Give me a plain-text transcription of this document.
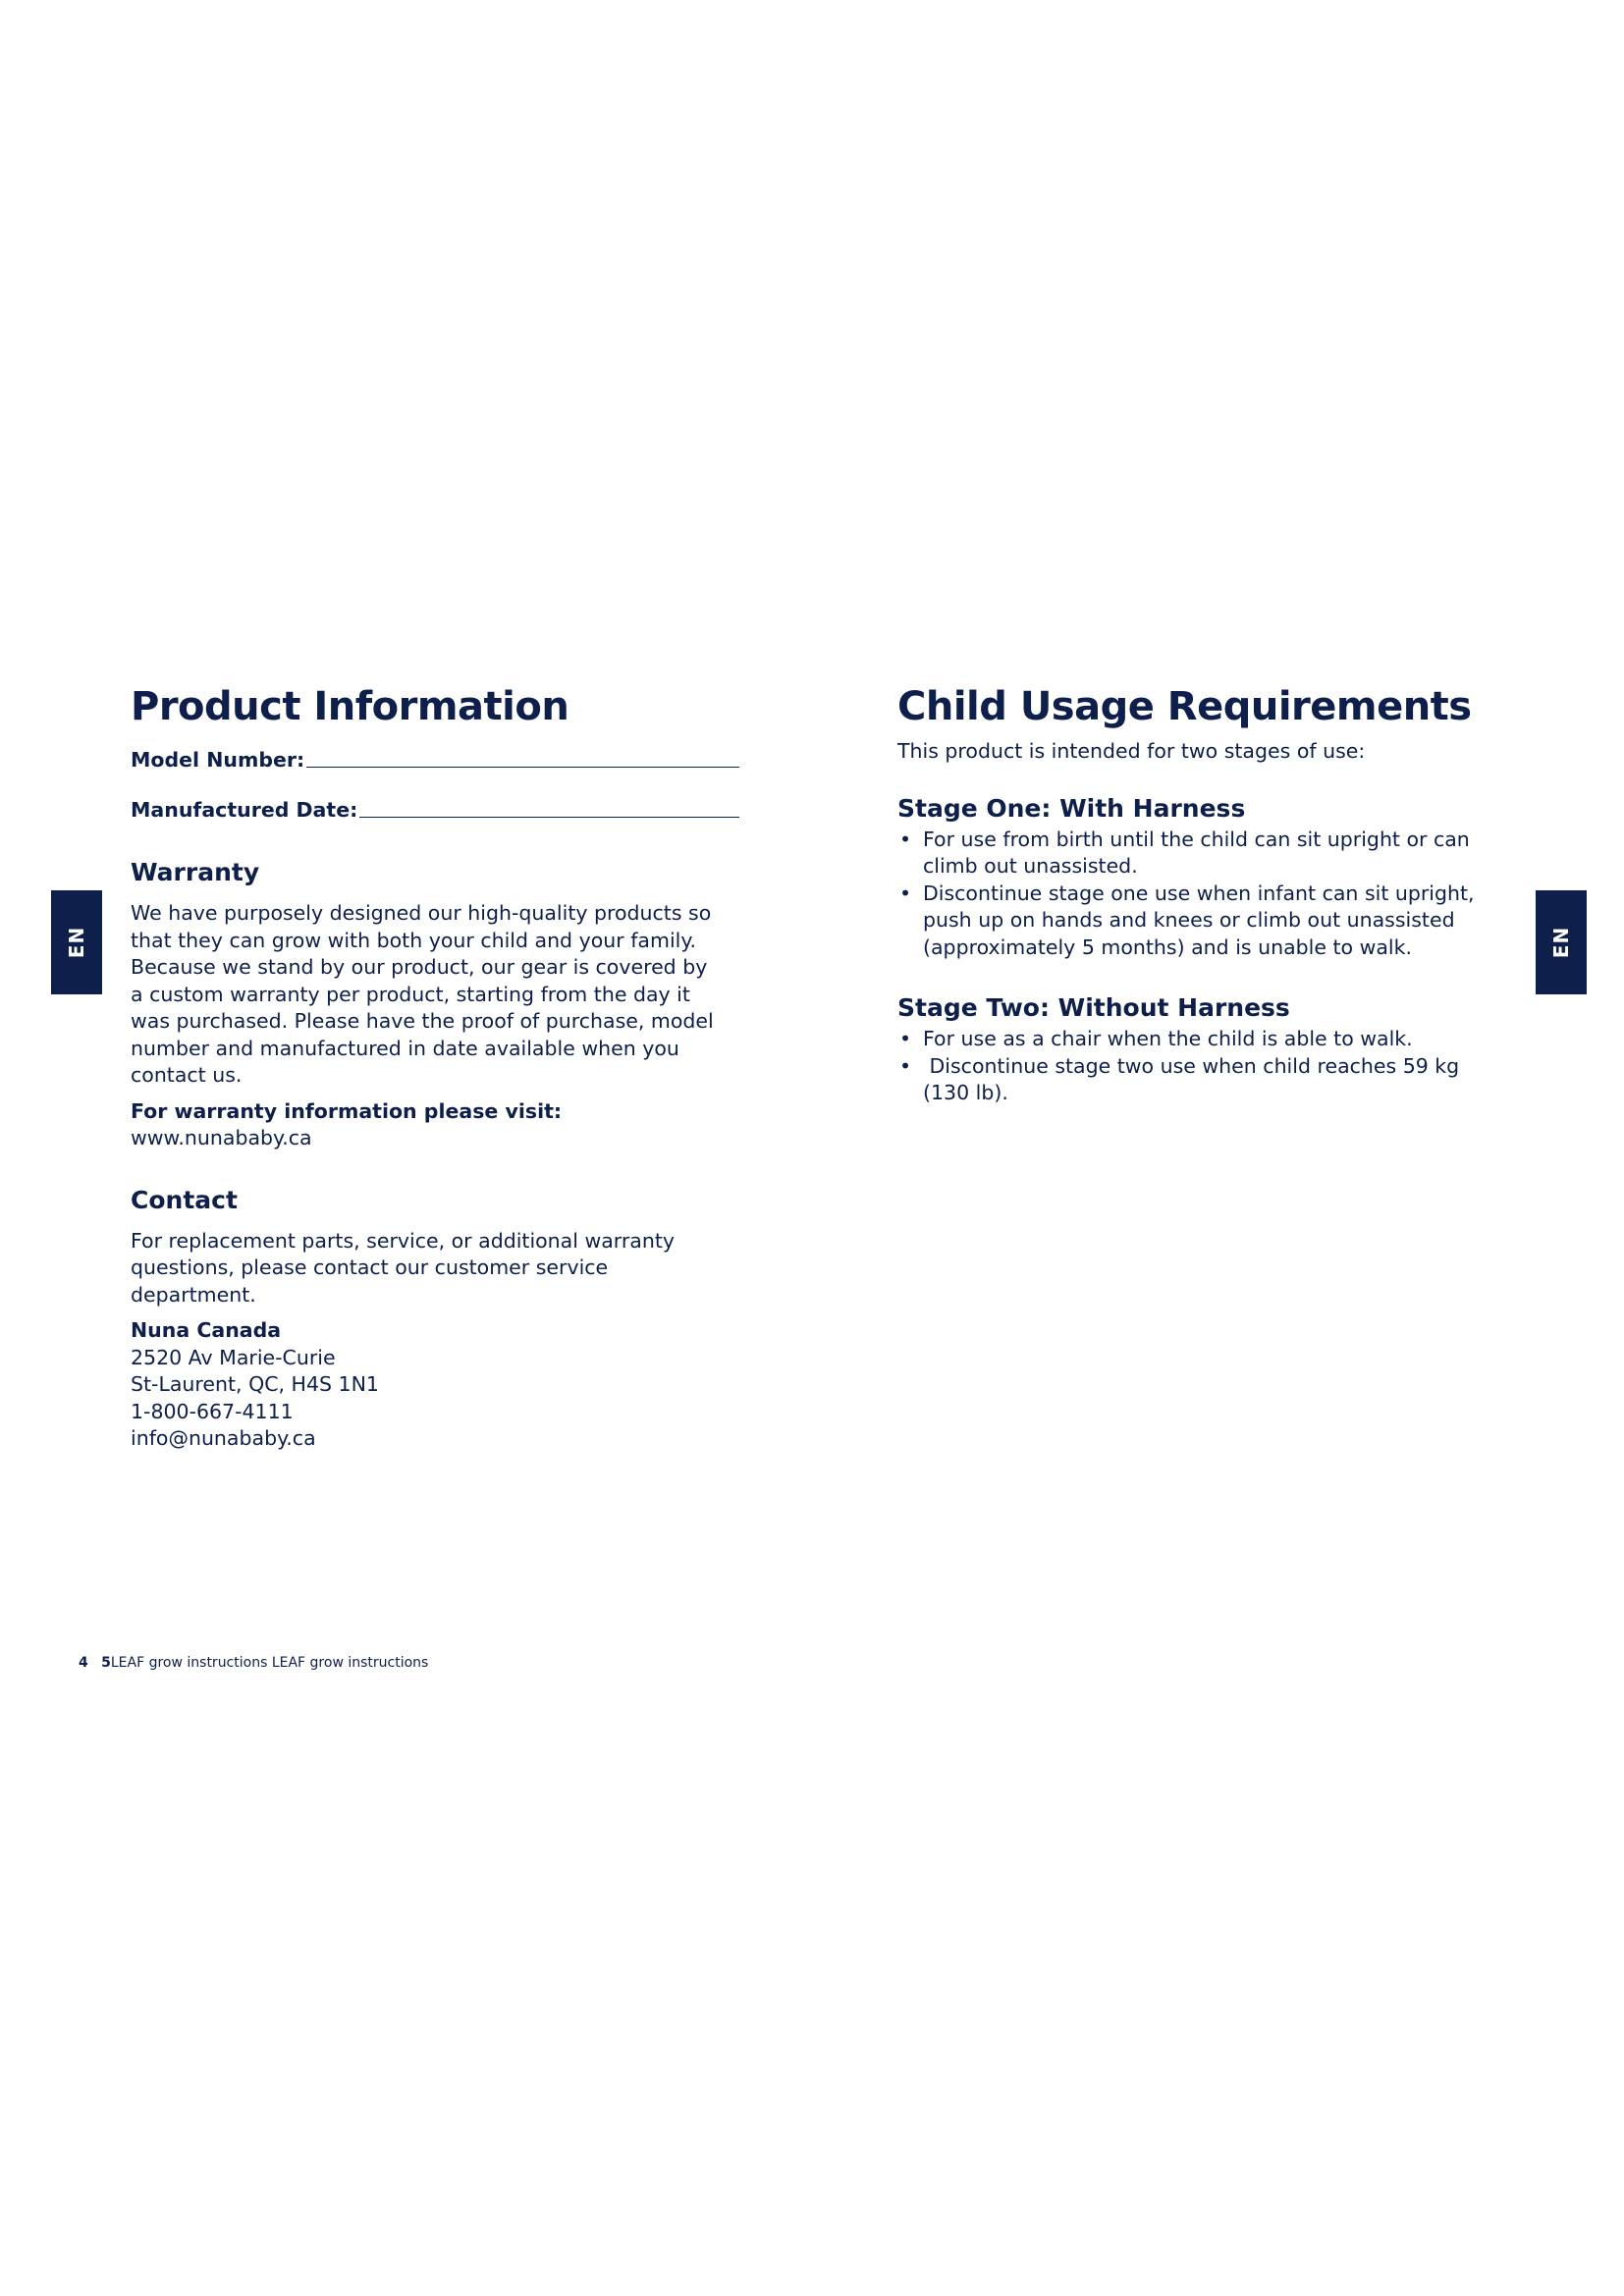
Product Information
Model Number:
Manufactured Date:
Warranty

We have purposely designed our high-quality products so

that they can grow with both your child and your family.

Because we stand by our product, our gear is covered by

a custom warranty per product, starting from the day it

was purchased. Please have the proof of purchase, model

number and manufactured in date available when you

contact us.

For warranty information please visit:

www.nunababy.ca

Contact

For replacement parts, service, or additional warranty

questions, please contact our customer service department.

Nuna Canada

2520 Av Marie-Curie

St-Laurent, QC, H4S 1N1

1-800-667-4111

info@nunababy.ca

Child Usage Requirements

This product is intended for two stages of use:

Stage One: With Harness
• For use from birth until the child can sit upright or can
climb out unassisted.
• Discontinue stage one use when infant can sit upright,
push up on hands and knees or climb out unassisted
(approximately 5 months) and is unable to walk.
Stage Two: Without Harness
• For use as a chair when the child is able to walk.
• Discontinue stage two use when child reaches 59 kg
(130 lb).
EN	EN
4 5LEAF grow instructions LEAF grow instructions
